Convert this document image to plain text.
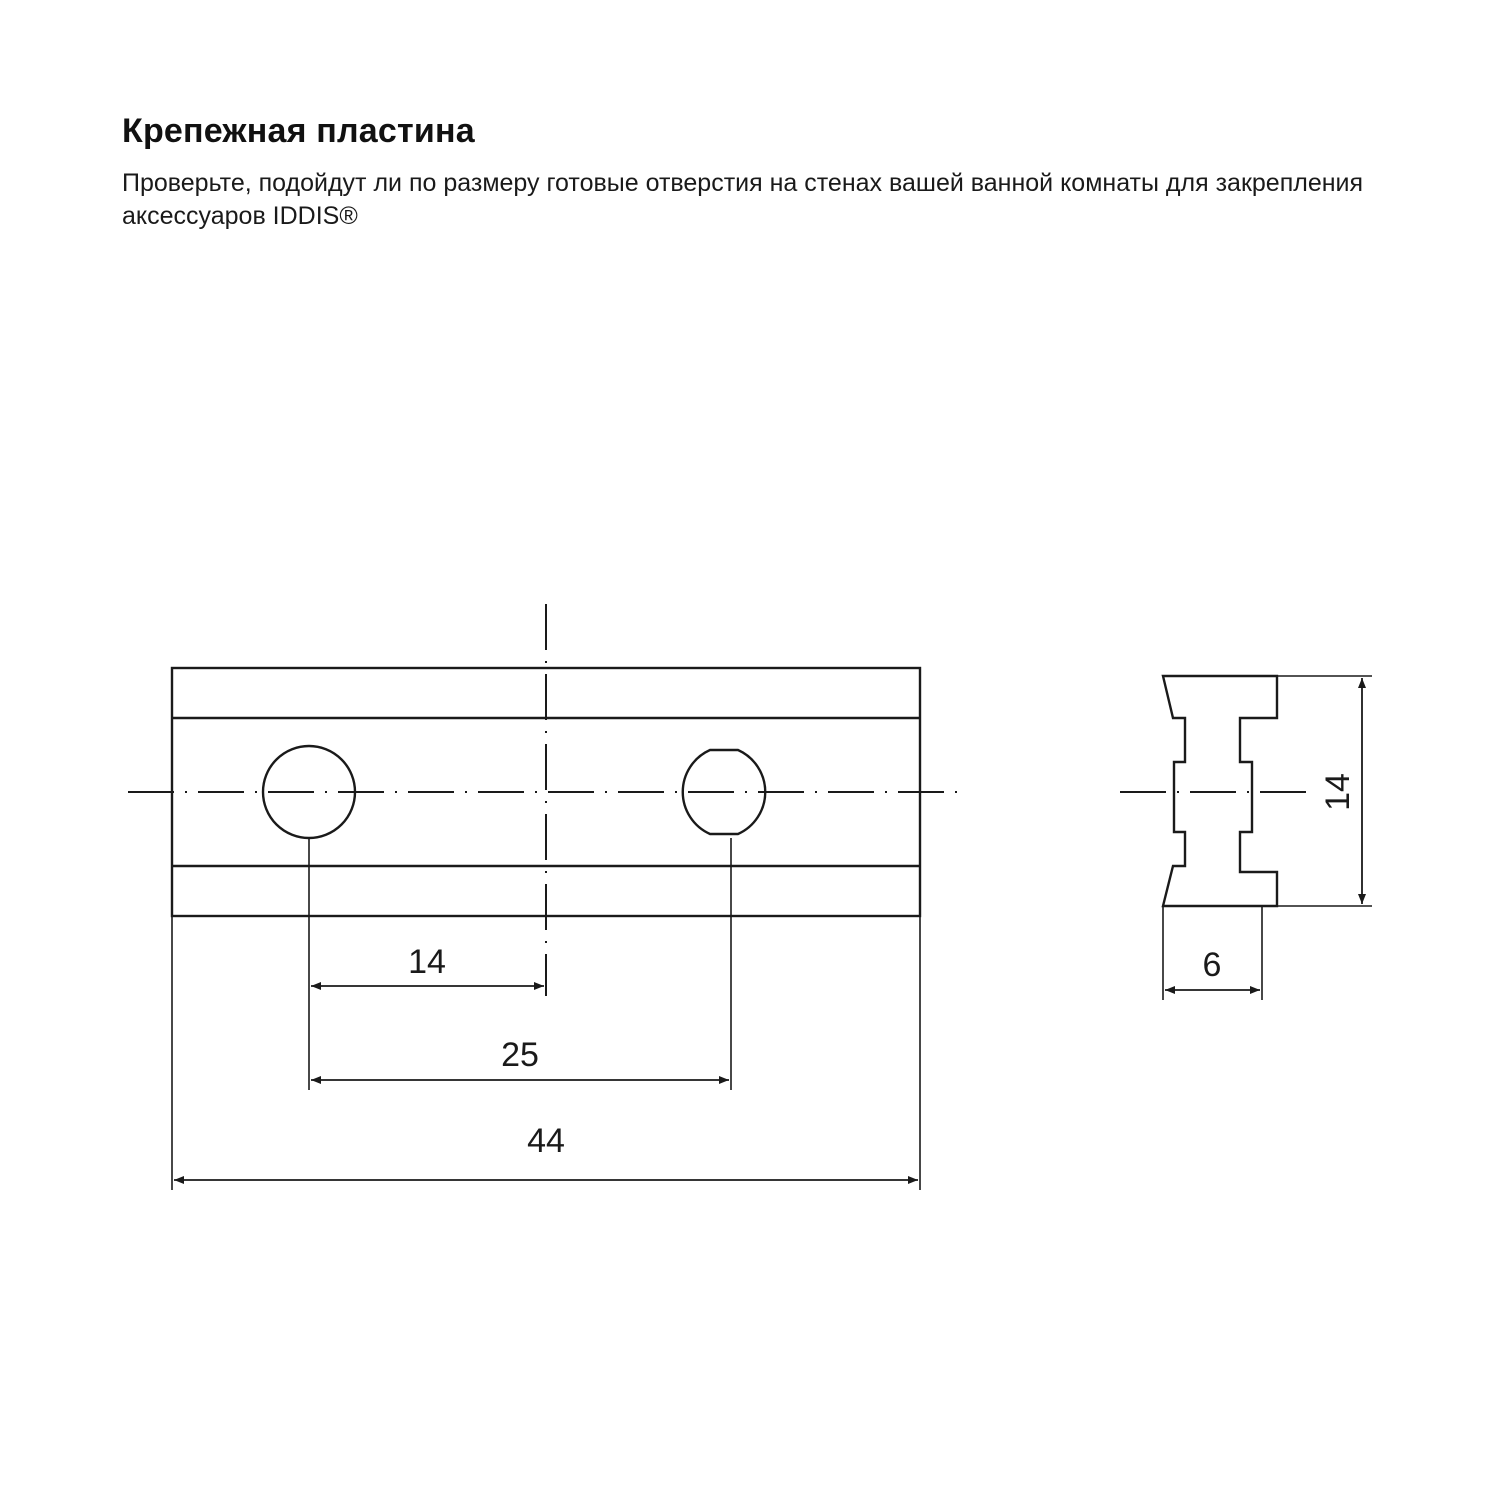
Крепежная пластина

Проверьте, подойдут ли по размеру готовые отверстия на стенах вашей ванной комнаты для закрепления аксессуаров IDDIS®

14
25
44
14
6
